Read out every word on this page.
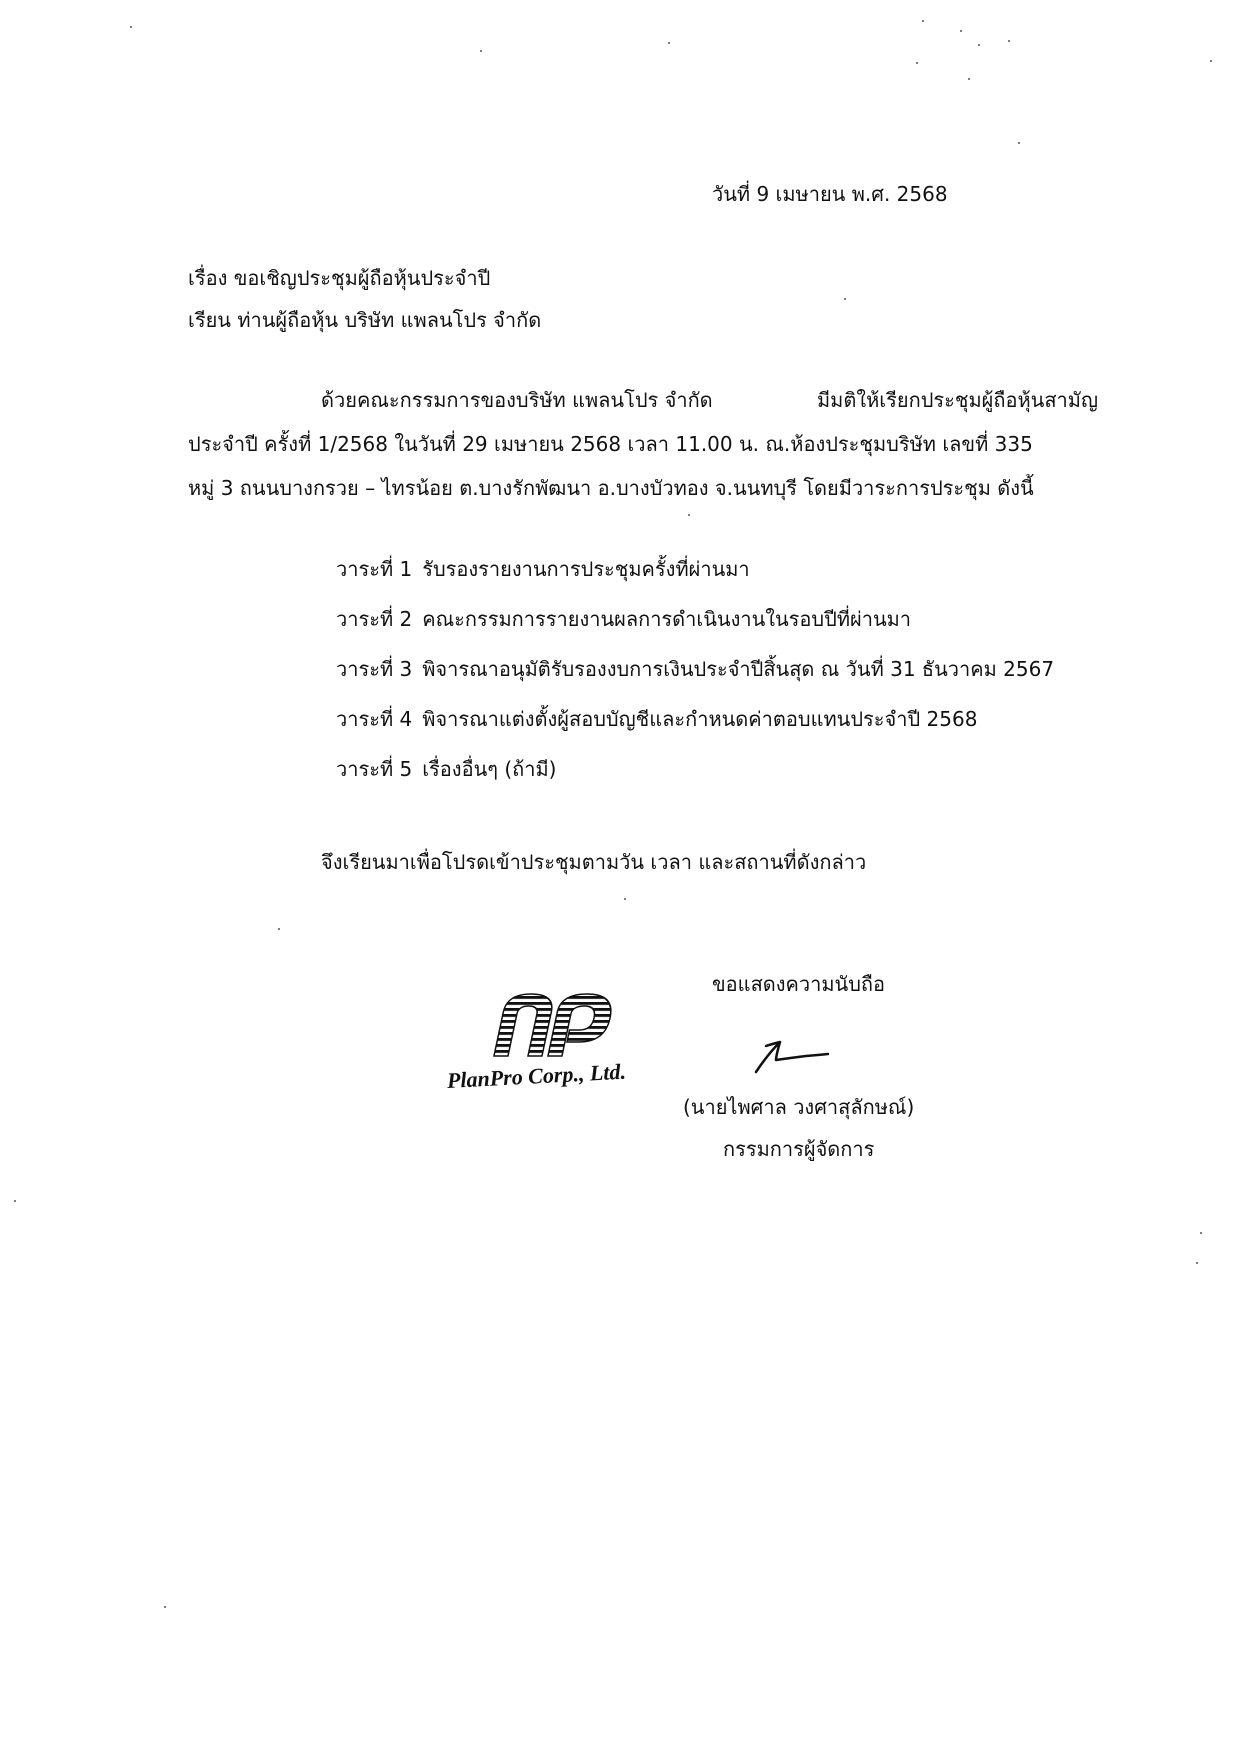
วันที่ 9 เมษายน พ.ศ. 2568
เรื่อง ขอเชิญประชุมผู้ถือหุ้นประจำปี
เรียน ท่านผู้ถือหุ้น บริษัท แพลนโปร จำกัด
ด้วยคณะกรรมการของบริษัท แพลนโปร จำกัด	มีมติให้เรียกประชุมผู้ถือหุ้นสามัญ
ประจำปี ครั้งที่ 1/2568 ในวันที่ 29 เมษายน 2568 เวลา 11.00 น. ณ.ห้องประชุมบริษัท เลขที่ 335
หมู่ 3 ถนนบางกรวย – ไทรน้อย ต.บางรักพัฒนา อ.บางบัวทอง จ.นนทบุรี โดยมีวาระการประชุม ดังนี้
วาระที่ 1 รับรองรายงานการประชุมครั้งที่ผ่านมา
วาระที่ 2 คณะกรรมการรายงานผลการดำเนินงานในรอบปีที่ผ่านมา
วาระที่ 3 พิจารณาอนุมัติรับรองงบการเงินประจำปีสิ้นสุด ณ วันที่ 31 ธันวาคม 2567
วาระที่ 4 พิจารณาแต่งตั้งผู้สอบบัญชีและกำหนดค่าตอบแทนประจำปี 2568
วาระที่ 5 เรื่องอื่นๆ (ถ้ามี)
จึงเรียนมาเพื่อโปรดเข้าประชุมตามวัน เวลา และสถานที่ดังกล่าว
ขอแสดงความนับถือ
PlanPro Corp., Ltd.
(นายไพศาล วงศาสุลักษณ์)
กรรมการผู้จัดการ
